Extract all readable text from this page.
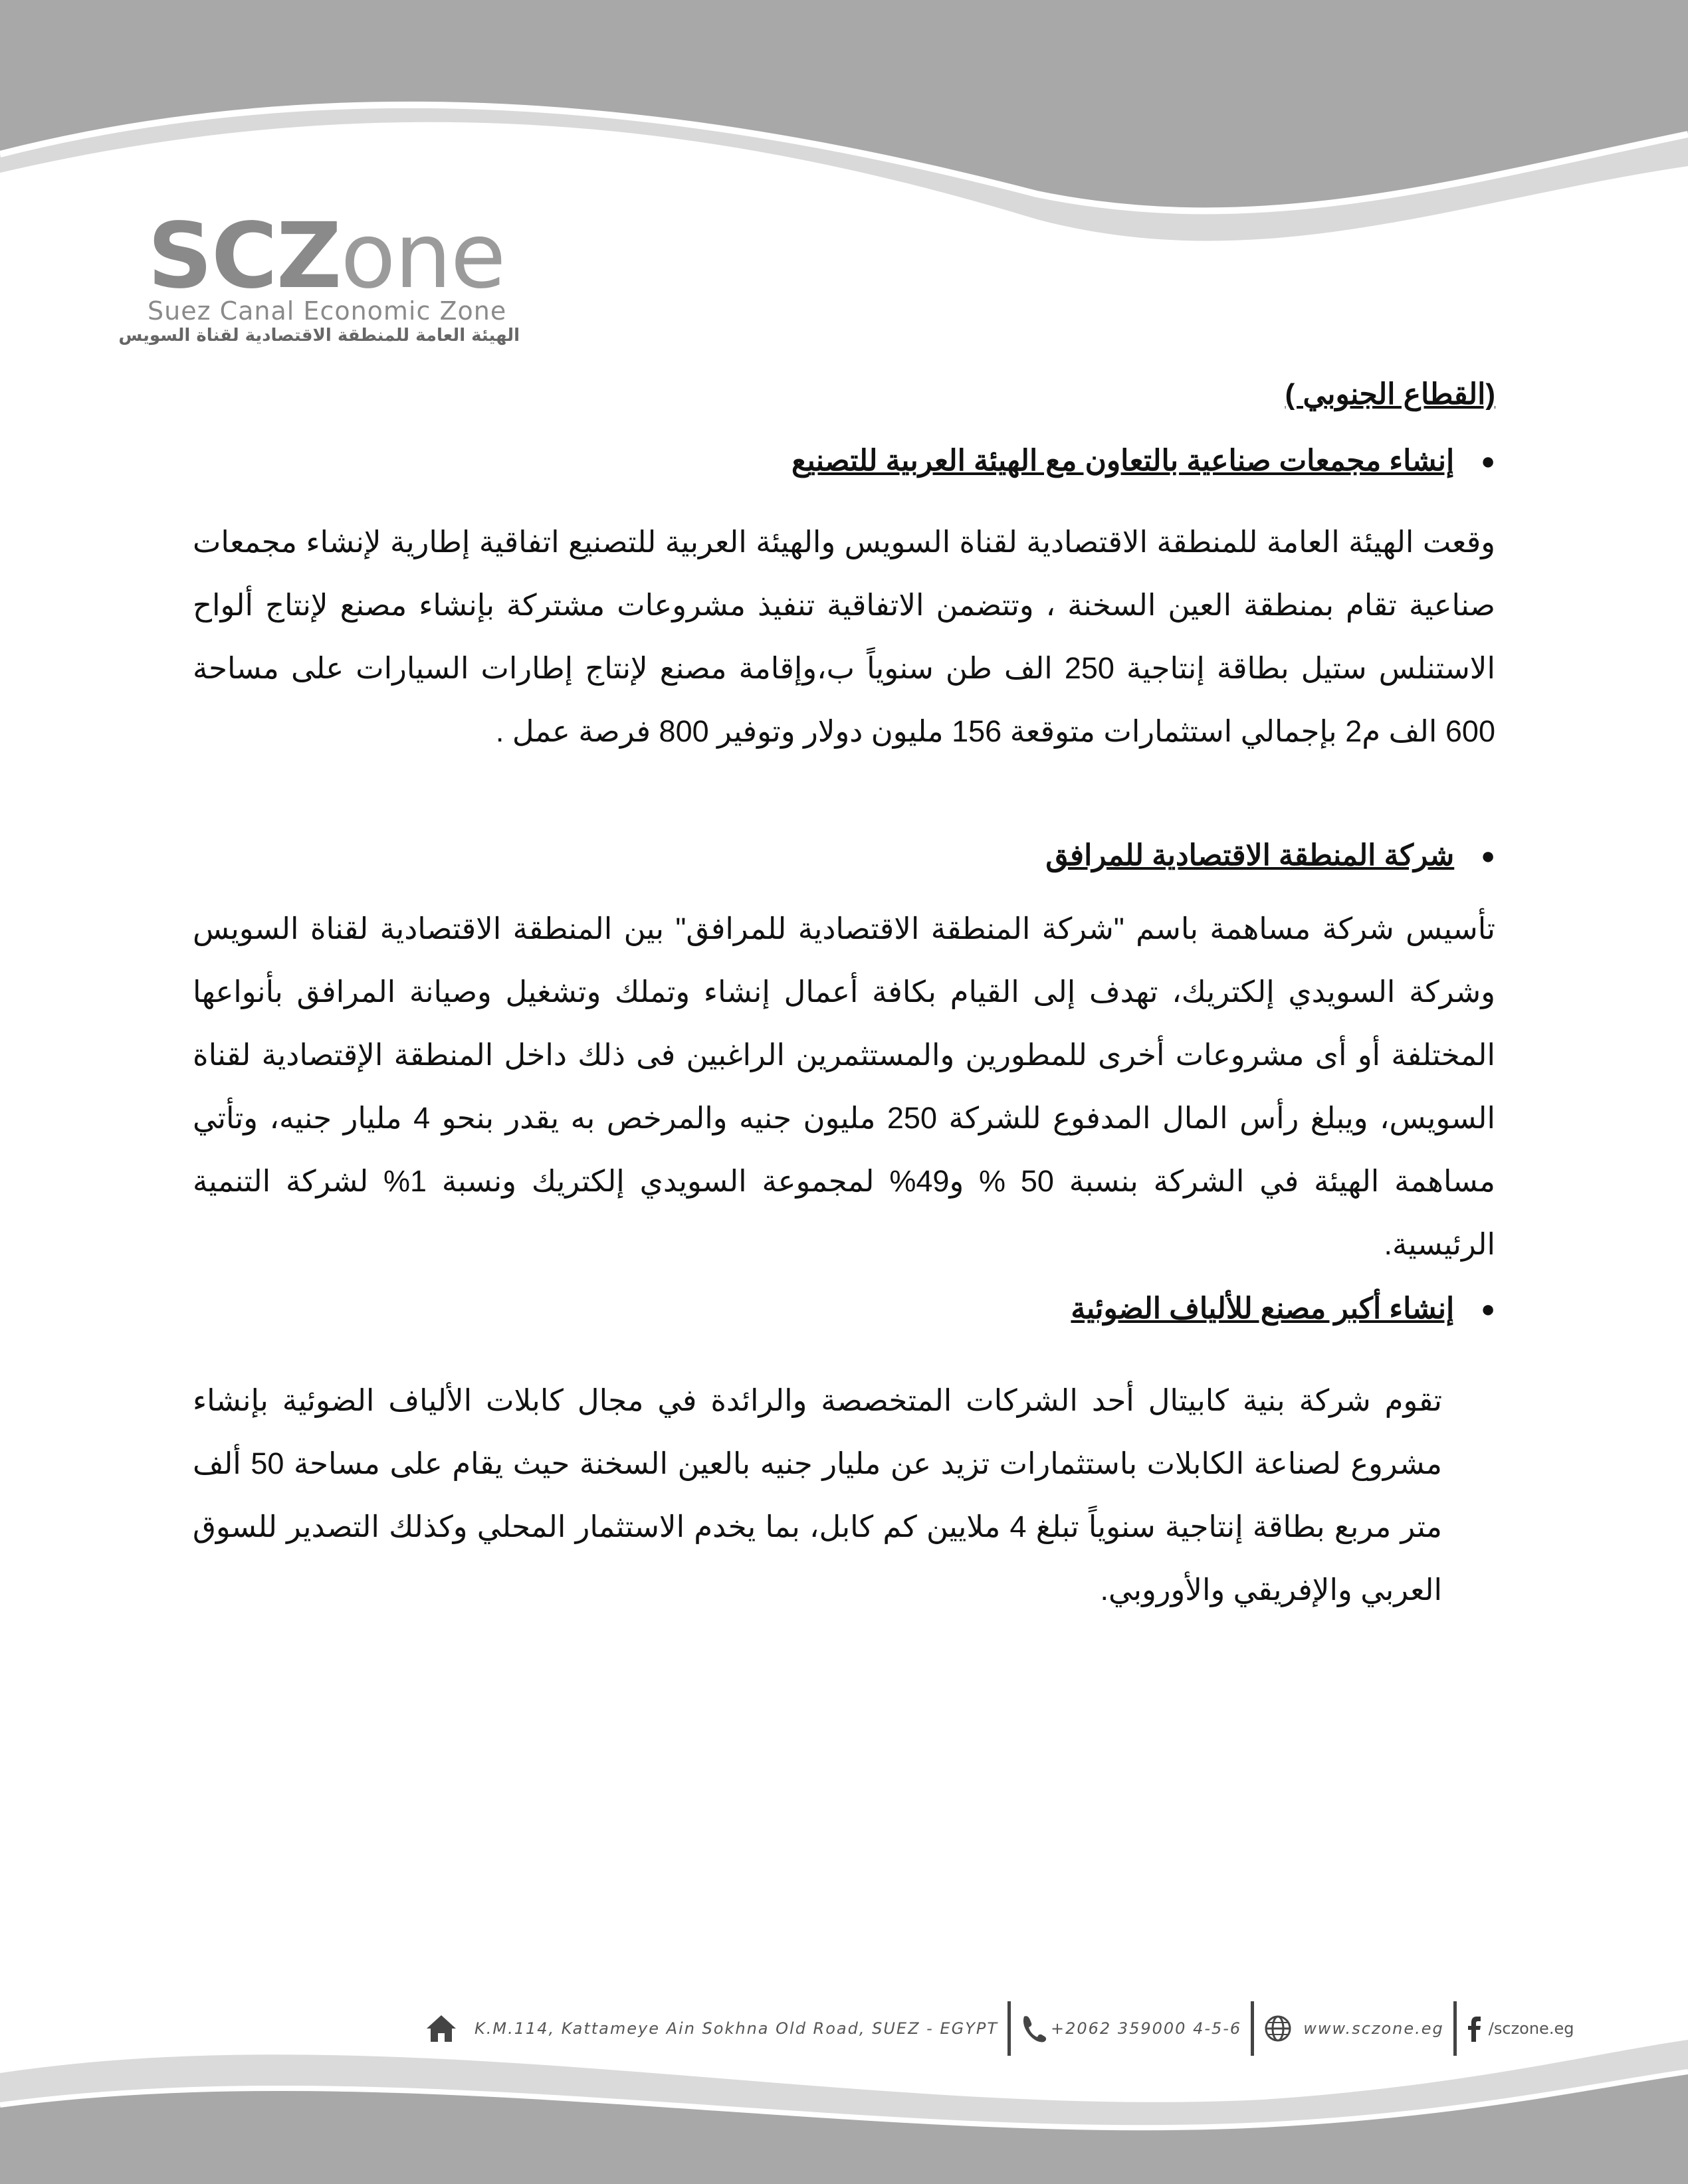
SCZone
Suez Canal Economic Zone
الهيئة العامة للمنطقة الاقتصادية لقناة السويس
(القطاع الجنوبي )
●
إنشاء مجمعات صناعية بالتعاون مع الهيئة العربية للتصنيع
وقعت الهيئة العامة للمنطقة الاقتصادية لقناة السويس والهيئة العربية للتصنيع اتفاقية إطارية لإنشاء مجمعات صناعية تقام بمنطقة العين السخنة ، وتتضمن الاتفاقية تنفيذ مشروعات مشتركة بإنشاء مصنع لإنتاج ألواح الاستنلس ستيل بطاقة إنتاجية 250 الف طن سنوياً ب،وإقامة مصنع لإنتاج إطارات السيارات على مساحة 600 الف م2 بإجمالي استثمارات متوقعة 156 مليون دولار وتوفير 800 فرصة عمل .
●
شركة المنطقة الاقتصادية للمرافق
تأسيس شركة مساهمة باسم "شركة المنطقة الاقتصادية للمرافق" بين المنطقة الاقتصادية لقناة السويس وشركة السويدي إلكتريك، تهدف إلى القيام بكافة أعمال إنشاء وتملك وتشغيل وصيانة المرافق بأنواعها المختلفة أو أى مشروعات أخرى للمطورين والمستثمرين الراغبين فى ذلك داخل المنطقة الإقتصادية لقناة السويس، ويبلغ رأس المال المدفوع للشركة 250 مليون جنيه والمرخص به يقدر بنحو 4 مليار جنيه، وتأتي مساهمة الهيئة في الشركة بنسبة 50 % و49% لمجموعة السويدي إلكتريك ونسبة 1% لشركة التنمية الرئيسية.
●
إنشاء أكبر مصنع للألياف الضوئية
تقوم شركة بنية كابيتال أحد الشركات المتخصصة والرائدة في مجال كابلات الألياف الضوئية بإنشاء مشروع لصناعة الكابلات باستثمارات تزيد عن مليار جنيه بالعين السخنة حيث يقام على مساحة 50 ألف متر مربع بطاقة إنتاجية سنوياً تبلغ 4 ملايين كم كابل، بما يخدم الاستثمار المحلي وكذلك التصدير للسوق العربي والإفريقي والأوروبي.
K.M.114, Kattameye Ain Sokhna Old Road, SUEZ - EGYPT	+2062 359000 4-5-6	www.sczone.eg	/sczone.eg
